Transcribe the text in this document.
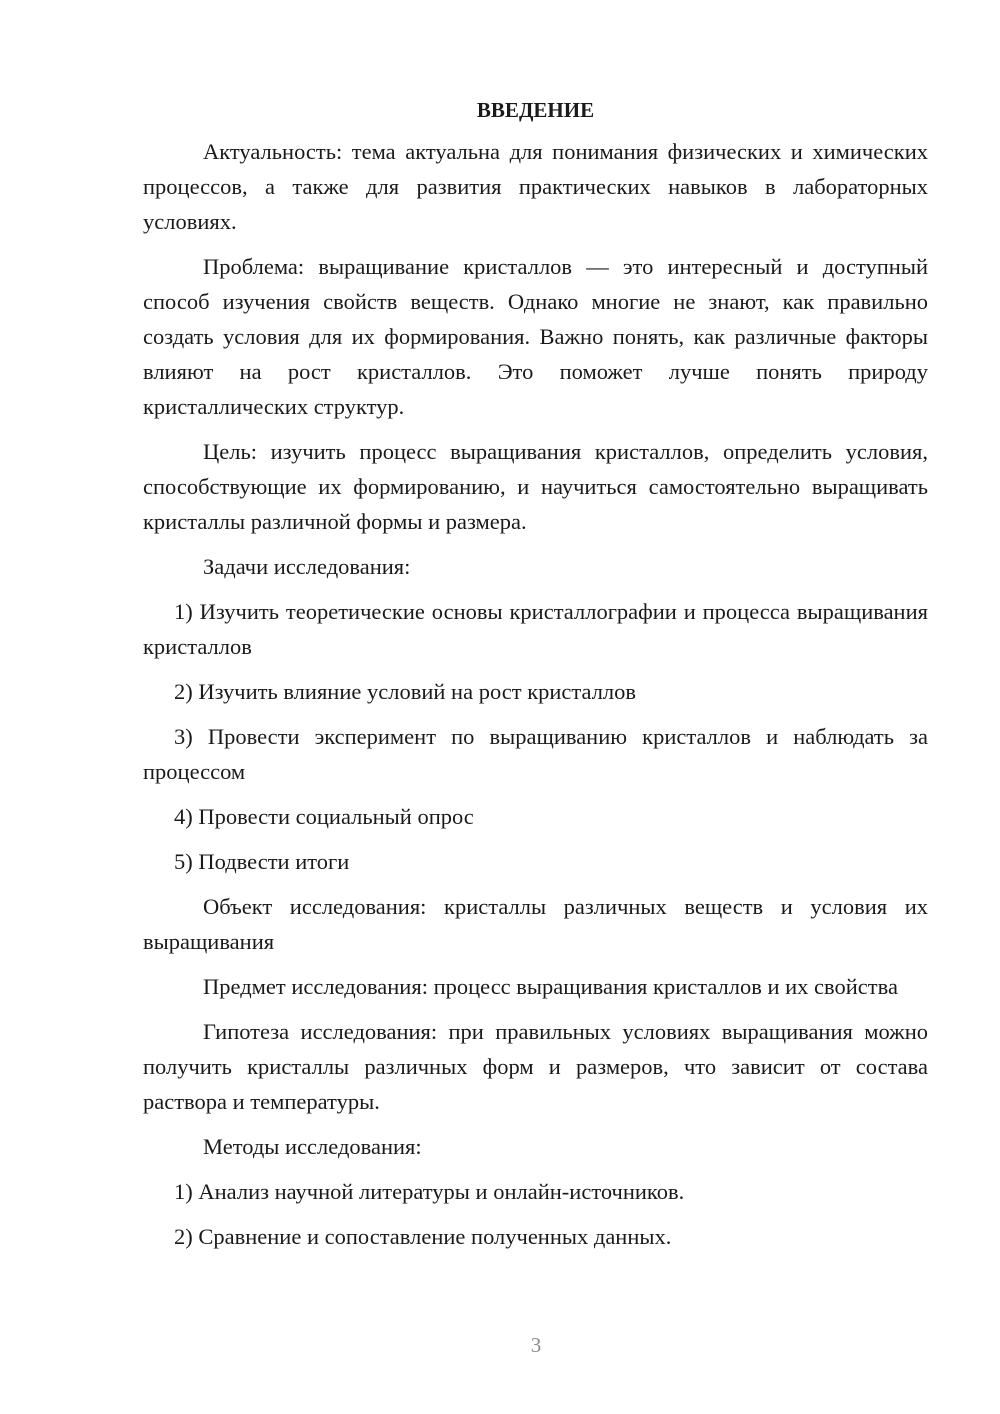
ВВЕДЕНИЕ

Актуальность: тема актуальна для понимания физических и химических процессов, а также для развития практических навыков в лабораторных условиях.

Проблема: выращивание кристаллов — это интересный и доступный способ изучения свойств веществ. Однако многие не знают, как правильно создать условия для их формирования. Важно понять, как различные факторы влияют на рост кристаллов. Это поможет лучше понять природу кристаллических структур.

Цель: изучить процесс выращивания кристаллов, определить условия, способствующие их формированию, и научиться самостоятельно выращивать кристаллы различной формы и размера.

Задачи исследования:

1) Изучить теоретические основы кристаллографии и процесса выращивания кристаллов

2) Изучить влияние условий на рост кристаллов

3) Провести эксперимент по выращиванию кристаллов и наблюдать за процессом

4) Провести социальный опрос

5) Подвести итоги

Объект исследования: кристаллы различных веществ и условия их выращивания

Предмет исследования: процесс выращивания кристаллов и их свойства

Гипотеза исследования: при правильных условиях выращивания можно получить кристаллы различных форм и размеров, что зависит от состава раствора и температуры.

Методы исследования:

1) Анализ научной литературы и онлайн-источников.

2) Сравнение и сопоставление полученных данных.

3
